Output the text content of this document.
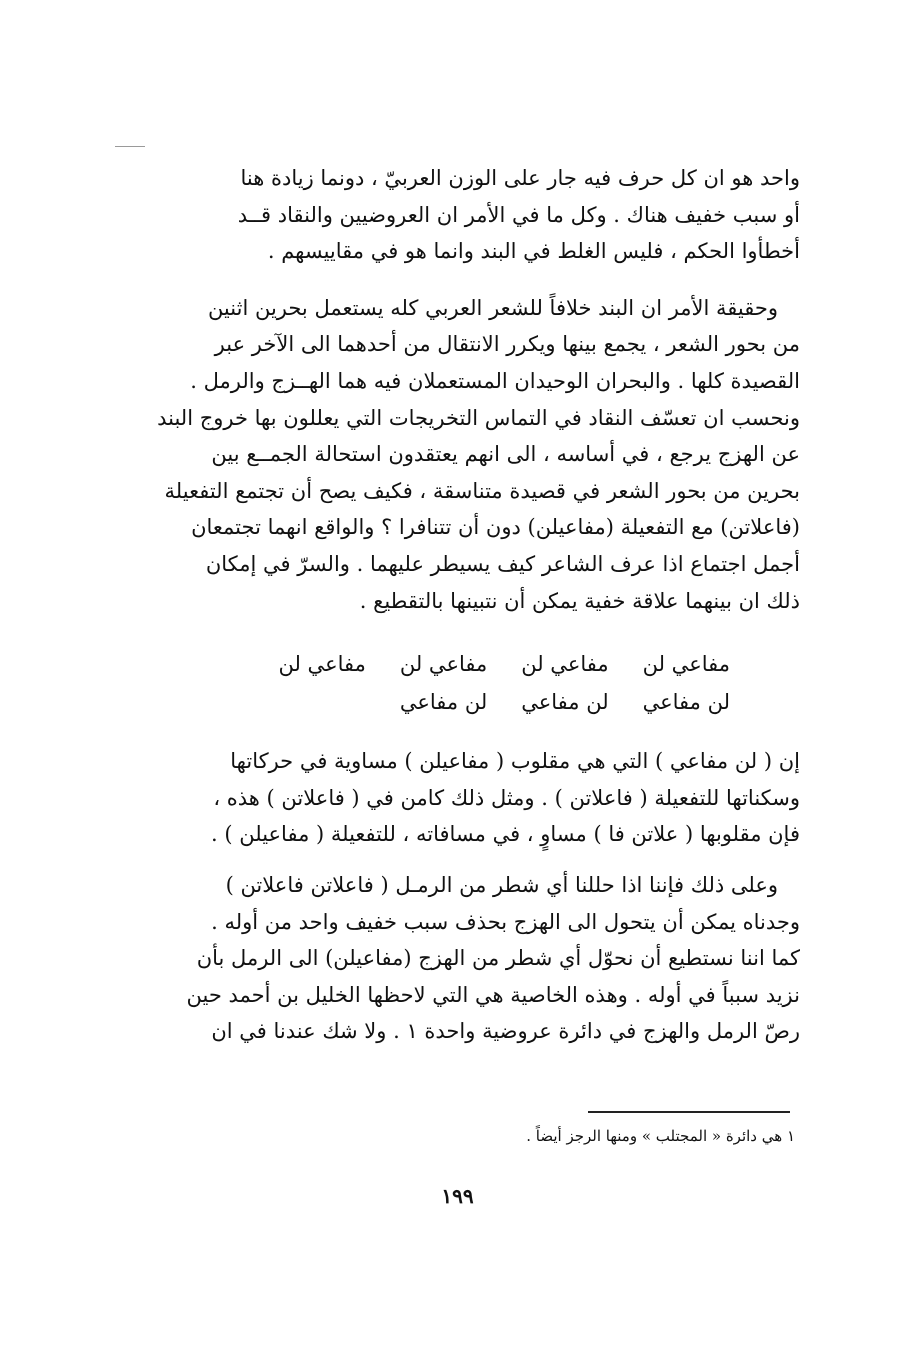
واحد هو ان كل حرف فيه جار على الوزن العربيّ ، دونما زيادة هنا

أو سبب خفيف هناك . وكل ما في الأمر ان العروضيين والنقاد قــد

أخطأوا الحكم ، فليس الغلط في البند وانما هو في مقاييسهم .

وحقيقة الأمر ان البند خلافاً للشعر العربي كله يستعمل بحرين اثنين

من بحور الشعر ، يجمع بينها ويكرر الانتقال من أحدهما الى الآخر عبر

القصيدة كلها . والبحران الوحيدان المستعملان فيه هما الهــزج والرمل .

ونحسب ان تعسّف النقاد في التماس التخريجات التي يعللون بها خروج البند

عن الهزج يرجع ، في أساسه ، الى انهم يعتقدون استحالة الجمــع بين

بحرين من بحور الشعر في قصيدة متناسقة ، فكيف يصح أن تجتمع التفعيلة

(فاعلاتن) مع التفعيلة (مفاعيلن) دون أن تتنافرا ؟ والواقع انهما تجتمعان

أجمل اجتماع اذا عرف الشاعر كيف يسيطر عليهما . والسرّ في إمكان

ذلك ان بينهما علاقة خفية يمكن أن نتبينها بالتقطيع .

مفاعي لن
مفاعي لن
مفاعي لن
مفاعي لن
لن مفاعي
لن مفاعي
لن مفاعي

إن ( لن مفاعي ) التي هي مقلوب ( مفاعيلن ) مساوية في حركاتها

وسكناتها للتفعيلة ( فاعلاتن ) . ومثل ذلك كامن في ( فاعلاتن ) هذه ،

فإن مقلوبها ( علاتن فا ) مساوٍ ، في مسافاته ، للتفعيلة ( مفاعيلن ) .

وعلى ذلك فإننا اذا حللنا أي شطر من الرمـل ( فاعلاتن فاعلاتن )

وجدناه يمكن أن يتحول الى الهزج بحذف سبب خفيف واحد من أوله .

كما اننا نستطيع أن نحوّل أي شطر من الهزج (مفاعيلن) الى الرمل بأن

نزيد سبباً في أوله . وهذه الخاصية هي التي لاحظها الخليل بن أحمد حين

رصّ الرمل والهزج في دائرة عروضية واحدة ١ . ولا شك عندنا في ان

١ هي دائرة « المجتلب » ومنها الرجز أيضاً .
١٩٩
